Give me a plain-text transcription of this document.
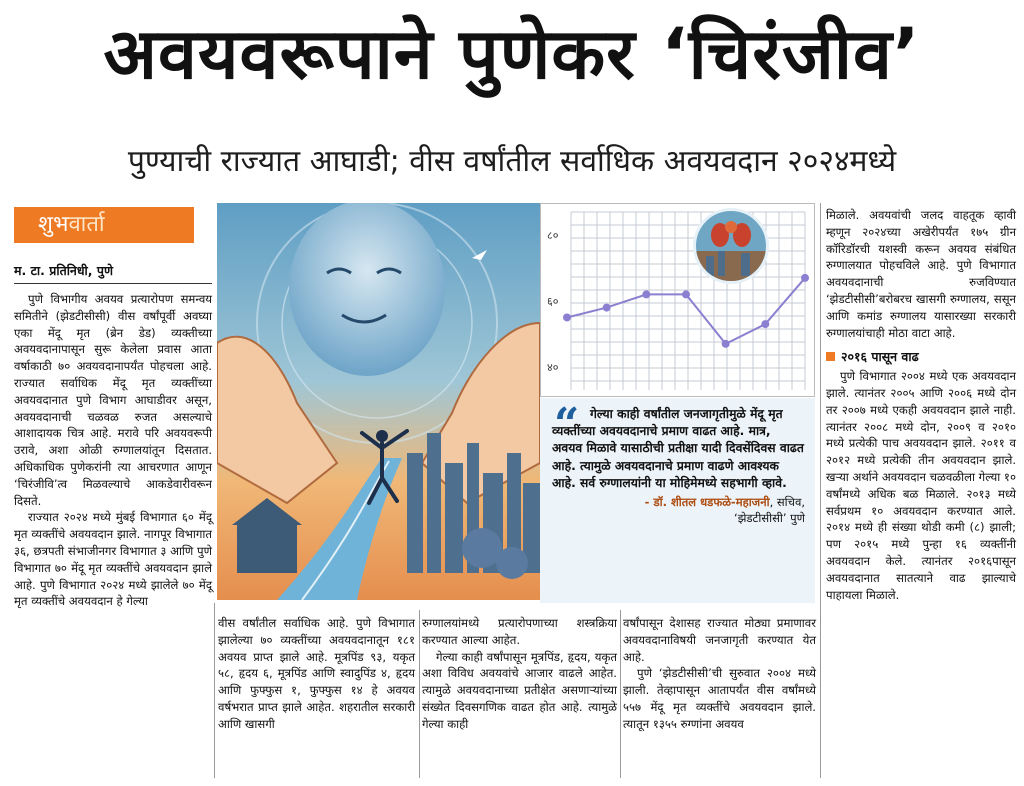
अवयवरूपाने पुणेकर ‘चिरंजीव’
पुण्याची राज्यात आघाडी; वीस वर्षांतील सर्वाधिक अवयवदान २०२४मध्ये
शुभवार्ता
म. टा. प्रतिनिधी, पुणे

पुणे विभागीय अवयव प्रत्यारोपण समन्वय समितीने (झेडटीसीसी) वीस वर्षांपूर्वी अवघ्या एका मेंदू मृत (ब्रेन डेड) व्यक्तीच्या अवयवदानापासून सुरू केलेला प्रवास आता वर्षाकाठी ७० अवयवदानापर्यंत पोहचला आहे. राज्यात सर्वाधिक मेंदू मृत व्यक्तींच्या अवयवदानात पुणे विभाग आघाडीवर असून, अवयवदानाची चळवळ रुजत असल्याचे आशादायक चित्र आहे. मरावे परि अवयवरूपी उरावे, अशा ओळी रुग्णालयांतून दिसतात. अधिकाधिक पुणेकरांनी त्या आचरणात आणून ‘चिरंजीवि’त्व मिळवल्याचे आकडेवारीवरून दिसते.

राज्यात २०२४ मध्ये मुंबई विभागात ६० मेंदू मृत व्यक्तींचे अवयवदान झाले. नागपूर विभागात ३६, छत्रपती संभाजीनगर विभागात ३ आणि पुणे विभागात ७० मेंदू मृत व्यक्तींचे अवयवदान झाले आहे. पुणे विभागात २०२४ मध्ये झालेले ७० मेंदू मृत व्यक्तींचे अवयवदान हे गेल्या

८०
६०
४०
“ गेल्या काही वर्षांतील जनजागृतीमुळे मेंदू मृत व्यक्तींच्या अवयवदानाचे प्रमाण वाढत आहे. मात्र, अवयव मिळावे यासाठीची प्रतीक्षा यादी दिवसेंदिवस वाढत आहे. त्यामुळे अवयवदानाचे प्रमाण वाढणे आवश्यक आहे. सर्व रुग्णालयांनी या मोहिमेमध्ये सहभागी व्हावे.
- डॉ. शीतल धडफळे-महाजनी, सचिव,
‘झेडटीसीसी’ पुणे

वीस वर्षांतील सर्वाधिक आहे. पुणे विभागात झालेल्या ७० व्यक्तींच्या अवयवदानातून १८१ अवयव प्राप्त झाले आहे. मूत्रपिंड ९३, यकृत ५८, हृदय ६, मूत्रपिंड आणि स्वादुपिंड ४, हृदय आणि फुफ्फुस १, फुफ्फुस १४ हे अवयव वर्षभरात प्राप्त झाले आहेत. शहरातील सरकारी आणि खासगी

रुग्णालयांमध्ये प्रत्यारोपणाच्या शस्त्रक्रिया करण्यात आल्या आहेत.

गेल्या काही वर्षांपासून मूत्रपिंड, हृदय, यकृत अशा विविध अवयवांचे आजार वाढले आहेत. त्यामुळे अवयवदानाच्या प्रतीक्षेत असणाऱ्यांच्या संख्येत दिवसगणिक वाढत होत आहे. त्यामुळे गेल्या काही

वर्षांपासून देशासह राज्यात मोठ्या प्रमाणावर अवयवदानाविषयी जनजागृती करण्यात येत आहे.

पुणे ‘झेडटीसीसी’ची सुरुवात २००४ मध्ये झाली. तेव्हापासून आतापर्यंत वीस वर्षांमध्ये ५५७ मेंदू मृत व्यक्तींचे अवयवदान झाले. त्यातून १३५५ रुग्णांना अवयव

मिळाले. अवयवांची जलद वाहतूक व्हावी म्हणून २०२४च्या अखेरीपर्यंत १७५ ग्रीन कॉरिडॉरची यशस्वी करून अवयव संबंधित रुग्णालयात पोहचविले आहे. पुणे विभागात अवयवदानाची रुजविण्यात ‘झेडटीसीसी’बरोबरच खासगी रुग्णालय, ससून आणि कमांड रुग्णालय यासारख्या सरकारी रुग्णालयांचाही मोठा वाटा आहे.

२०१६ पासून वाढ

पुणे विभागात २००४ मध्ये एक अवयवदान झाले. त्यानंतर २००५ आणि २००६ मध्ये दोन तर २००७ मध्ये एकही अवयवदान झाले नाही. त्यानंतर २००८ मध्ये दोन, २००९ व २०१० मध्ये प्रत्येकी पाच अवयवदान झाले. २०११ व २०१२ मध्ये प्रत्येकी तीन अवयवदान झाले. खऱ्या अर्थाने अवयवदान चळवळीला गेल्या १० वर्षांमध्ये अधिक बळ मिळाले. २०१३ मध्ये सर्वप्रथम १० अवयवदान करण्यात आले. २०१४ मध्ये ही संख्या थोडी कमी (८) झाली; पण २०१५ मध्ये पुन्हा १६ व्यक्तींनी अवयवदान केले. त्यानंतर २०१६पासून अवयवदानात सातत्याने वाढ झाल्याचे पाहायला मिळाले.
